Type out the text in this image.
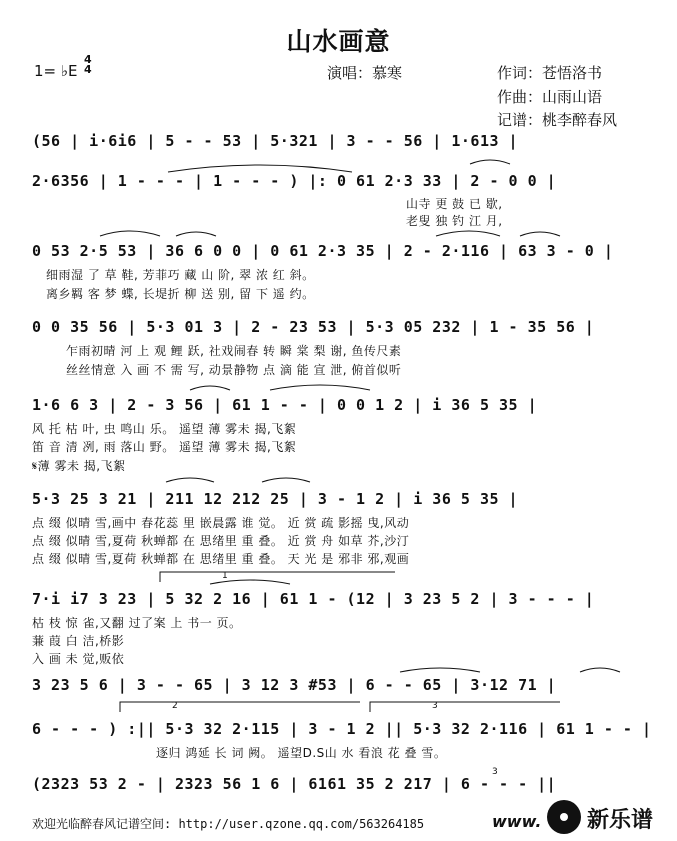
山水画意
1= ♭E
4
4	演唱：慕寒	作词：苍悟洛书
作曲：山雨山语
记谱：桃李醉春风
(56 | i·6i6 | 5 - - 53 | 5·321 | 3 - - 56 | 1·613 |
2·6356 | 1 - - - | 1 - - - ) |: 0 61 2·3 33 | 2 - 0 0 |
山寺 更 鼓 已 歇,
老叟 独 钓 江 月,
0 53 2·5 53 | 36 6 0 0 | 0 61 2·3 35 | 2 - 2·116 | 63 3 - 0 |
细雨湿 了 草 鞋, 芳菲巧 藏 山 阶, 翠 浓 红 斜。
离乡羁 客 梦 蝶, 长堤折 柳 送 别, 留 下 遥 约。
0 0 35 56 | 5·3 01 3 | 2 - 23 53 | 5·3 05 232 | 1 - 35 56 |
乍雨初晴 河 上 观 鲤 跃, 社戏闹春 转 瞬 棠 梨 谢, 鱼传尺素
丝丝情意 入 画 不 需 写, 动景静物 点 滴 能 宣 泄, 俯首似听
1·6 6 3 | 2 - 3 56 | 61 1 - - | 0 0 1 2 | i 36 5 35 |
风 托 枯 叶, 虫 鸣山 乐。 遥望 薄 雾未 揭,飞絮
笛 音 清 冽, 雨 落山 野。 遥望 薄 雾未 揭,飞絮
𝄋薄 雾未 揭,飞絮
5·3 25 3 21 | 211 12 212 25 | 3 - 1 2 | i 36 5 35 |
点 缀 似晴 雪,画中 春花蕊 里 嵌晨露 谁 觉。 近 赏 疏 影摇 曳,风动
点 缀 似晴 雪,夏荷 秋蝉都 在 思绪里 重 叠。 近 赏 舟 如草 芥,沙汀
点 缀 似晴 雪,夏荷 秋蝉都 在 思绪里 重 叠。 天 光 是 邪非 邪,观画
7·i i7 3 23 | 5 32 2 16 | 61 1 - (12 | 3 23 5 2 | 3 - - - |
枯 枝 惊 雀,又翻 过了案 上 书一 页。
蒹 葭 白 洁,桥影
入 画 未 觉,贩依
3 23 5 6 | 3 - - 65 | 3 12 3 #53 | 6 - - 65 | 3·12 71 |
6 - - - ) :|| 5·3 32 2·115 | 3 - 1 2 || 5·3 32 2·116 | 61 1 - - |
逐归 鸿延 长 词 阙。 遥望D.S山 水 看浪 花 叠 雪。
(2323 53 2 - | 2323 56 1 6 | 6161 35 2 217 | 6 - - - ||
欢迎光临醉春风记谱空间: http://user.qzone.qq.com/563264185	www. 新乐谱
1
2	3
3
